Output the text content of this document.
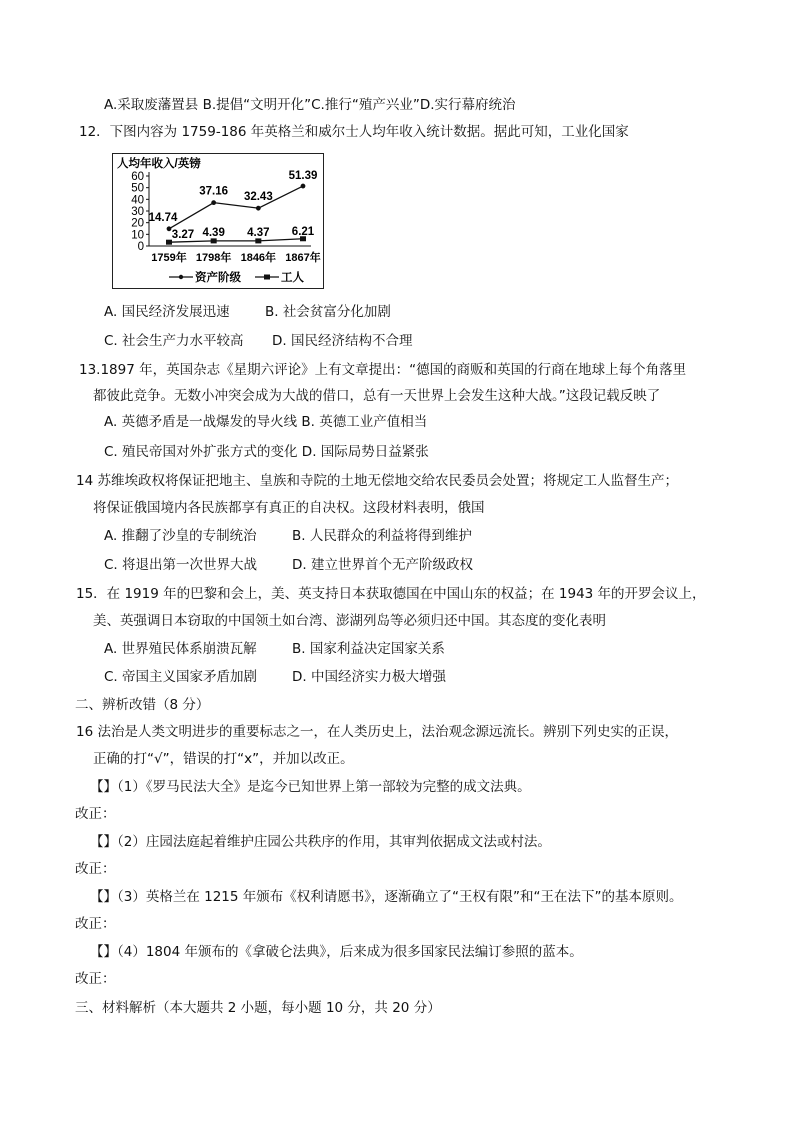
A.采取废藩置县 B.提倡“文明开化”C.推行“殖产兴业”D.实行幕府统治
12．下图内容为 1759-186 年英格兰和威尔士人均年收入统计数据。据此可知，工业化国家
人均年收入/英镑
0
10
20
30
40
50
60
1759年 1798年 1846年 1867年
14.74
37.16 32.43
51.39
3.27 4.39 4.37 6.21
资产阶级	工人
A. 国民经济发展迅速	B. 社会贫富分化加剧
C. 社会生产力水平较高 D. 国民经济结构不合理
13.1897 年，英国杂志《星期六评论》上有文章提出：“德国的商贩和英国的行商在地球上每个角落里
都彼此竞争。无数小冲突会成为大战的借口，总有一天世界上会发生这种大战。”这段记载反映了
A. 英德矛盾是一战爆发的导火线 B. 英德工业产值相当
C. 殖民帝国对外扩张方式的变化 D. 国际局势日益紧张
14 苏维埃政权将保证把地主、皇族和寺院的土地无偿地交给农民委员会处置；将规定工人监督生产；
将保证俄国境内各民族都享有真正的自决权。这段材料表明，俄国
A. 推翻了沙皇的专制统治	B. 人民群众的利益将得到维护
C. 将退出第一次世界大战	D. 建立世界首个无产阶级政权
15．在 1919 年的巴黎和会上，美、英支持日本获取德国在中国山东的权益；在 1943 年的开罗会议上，
美、英强调日本窃取的中国领土如台湾、澎湖列岛等必须归还中国。其态度的变化表明
A. 世界殖民体系崩溃瓦解	B. 国家利益决定国家关系
C. 帝国主义国家矛盾加剧	D. 中国经济实力极大增强
二、辨析改错（8 分）
16 法治是人类文明进步的重要标志之一，在人类历史上，法治观念源远流长。辨别下列史实的正误，
正确的打“√”，错误的打“x”，并加以改正。
【】（1）《罗马民法大全》是迄今已知世界上第一部较为完整的成文法典。
改正：
【】（2）庄园法庭起着维护庄园公共秩序的作用，其审判依据成文法或村法。
改正：
【】（3）英格兰在 1215 年颁布《权利请愿书》，逐渐确立了“王权有限”和“王在法下”的基本原则。
改正：
【】（4）1804 年颁布的《拿破仑法典》，后来成为很多国家民法编订参照的蓝本。
改正：
三、材料解析（本大题共 2 小题，每小题 10 分，共 20 分）
